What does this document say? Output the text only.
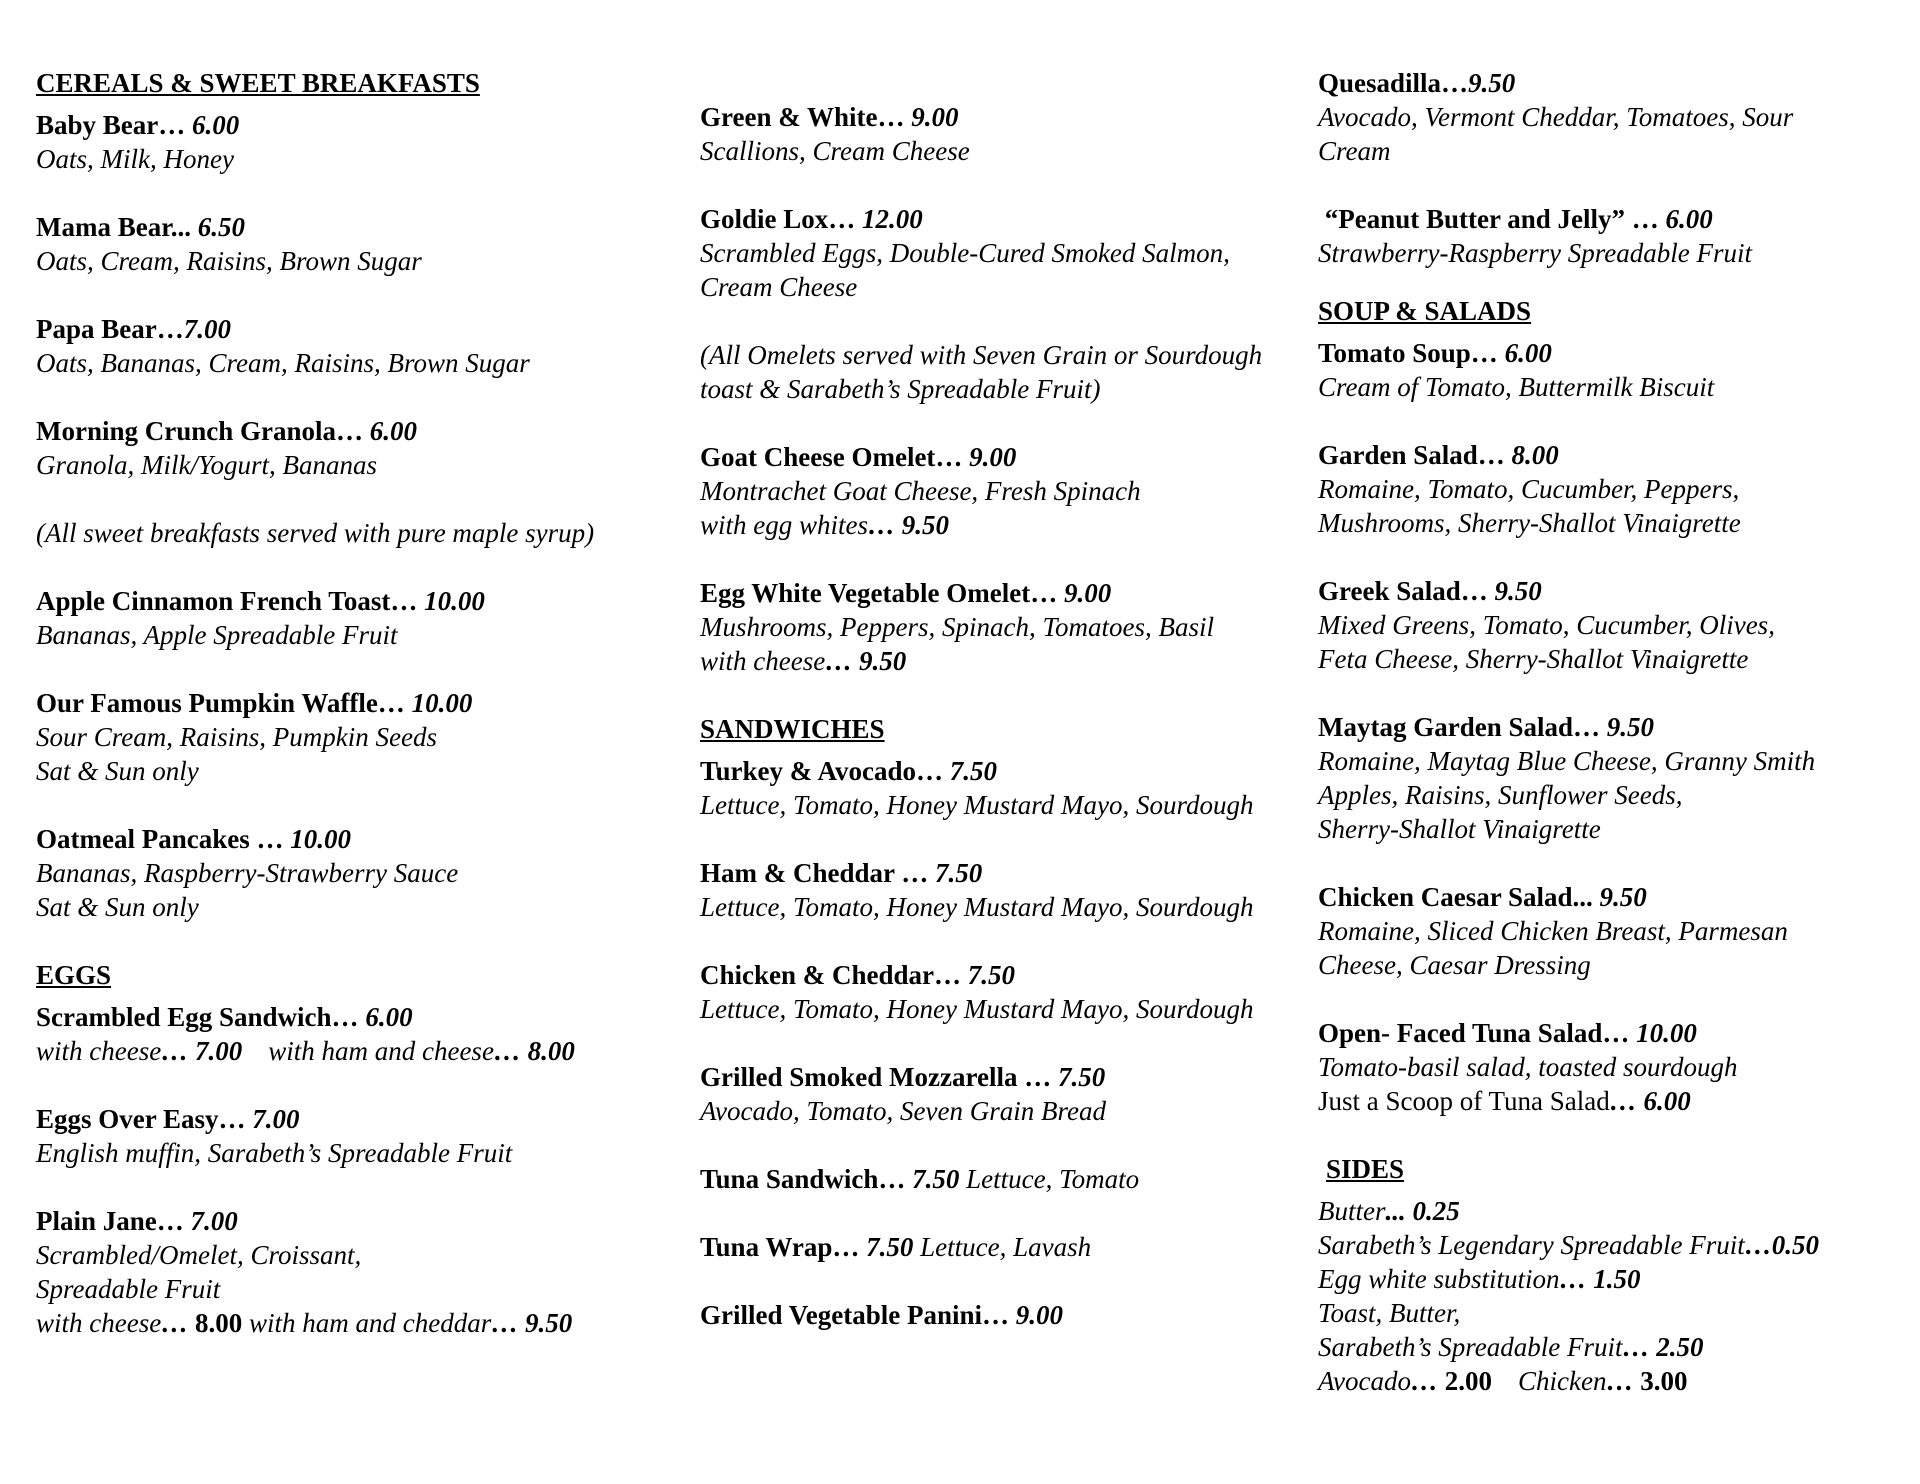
CEREALS & SWEET BREAKFASTS
Baby Bear… 6.00
Oats, Milk, Honey
Mama Bear... 6.50
Oats, Cream, Raisins, Brown Sugar
Papa Bear…7.00
Oats, Bananas, Cream, Raisins, Brown Sugar
Morning Crunch Granola… 6.00
Granola, Milk/Yogurt, Bananas
(All sweet breakfasts served with pure maple syrup)
Apple Cinnamon French Toast… 10.00
Bananas, Apple Spreadable Fruit
Our Famous Pumpkin Waffle… 10.00
Sour Cream, Raisins, Pumpkin Seeds
Sat & Sun only
Oatmeal Pancakes … 10.00
Bananas, Raspberry-Strawberry Sauce
Sat & Sun only
EGGS
Scrambled Egg Sandwich… 6.00
with cheese… 7.00 with ham and cheese… 8.00
Eggs Over Easy… 7.00
English muffin, Sarabeth’s Spreadable Fruit
Plain Jane… 7.00
Scrambled/Omelet, Croissant,
Spreadable Fruit
with cheese… 8.00 with ham and cheddar… 9.50
Green & White… 9.00
Scallions, Cream Cheese
Goldie Lox… 12.00
Scrambled Eggs, Double-Cured Smoked Salmon,
Cream Cheese
(All Omelets served with Seven Grain or Sourdough
toast & Sarabeth’s Spreadable Fruit)
Goat Cheese Omelet… 9.00
Montrachet Goat Cheese, Fresh Spinach
with egg whites… 9.50
Egg White Vegetable Omelet… 9.00
Mushrooms, Peppers, Spinach, Tomatoes, Basil
with cheese… 9.50
SANDWICHES
Turkey & Avocado… 7.50
Lettuce, Tomato, Honey Mustard Mayo, Sourdough
Ham & Cheddar … 7.50
Lettuce, Tomato, Honey Mustard Mayo, Sourdough
Chicken & Cheddar… 7.50
Lettuce, Tomato, Honey Mustard Mayo, Sourdough
Grilled Smoked Mozzarella … 7.50
Avocado, Tomato, Seven Grain Bread
Tuna Sandwich… 7.50 Lettuce, Tomato
Tuna Wrap… 7.50 Lettuce, Lavash
Grilled Vegetable Panini… 9.00
Quesadilla…9.50
Avocado, Vermont Cheddar, Tomatoes, Sour
Cream
“Peanut Butter and Jelly” … 6.00
Strawberry-Raspberry Spreadable Fruit
SOUP & SALADS
Tomato Soup… 6.00
Cream of Tomato, Buttermilk Biscuit
Garden Salad… 8.00
Romaine, Tomato, Cucumber, Peppers,
Mushrooms, Sherry-Shallot Vinaigrette
Greek Salad… 9.50
Mixed Greens, Tomato, Cucumber, Olives,
Feta Cheese, Sherry-Shallot Vinaigrette
Maytag Garden Salad… 9.50
Romaine, Maytag Blue Cheese, Granny Smith
Apples, Raisins, Sunflower Seeds,
Sherry-Shallot Vinaigrette
Chicken Caesar Salad... 9.50
Romaine, Sliced Chicken Breast, Parmesan
Cheese, Caesar Dressing
Open- Faced Tuna Salad… 10.00
Tomato-basil salad, toasted sourdough
Just a Scoop of Tuna Salad… 6.00
SIDES
Butter... 0.25
Sarabeth’s Legendary Spreadable Fruit…0.50
Egg white substitution… 1.50
Toast, Butter,
Sarabeth’s Spreadable Fruit… 2.50
Avocado… 2.00 Chicken… 3.00
